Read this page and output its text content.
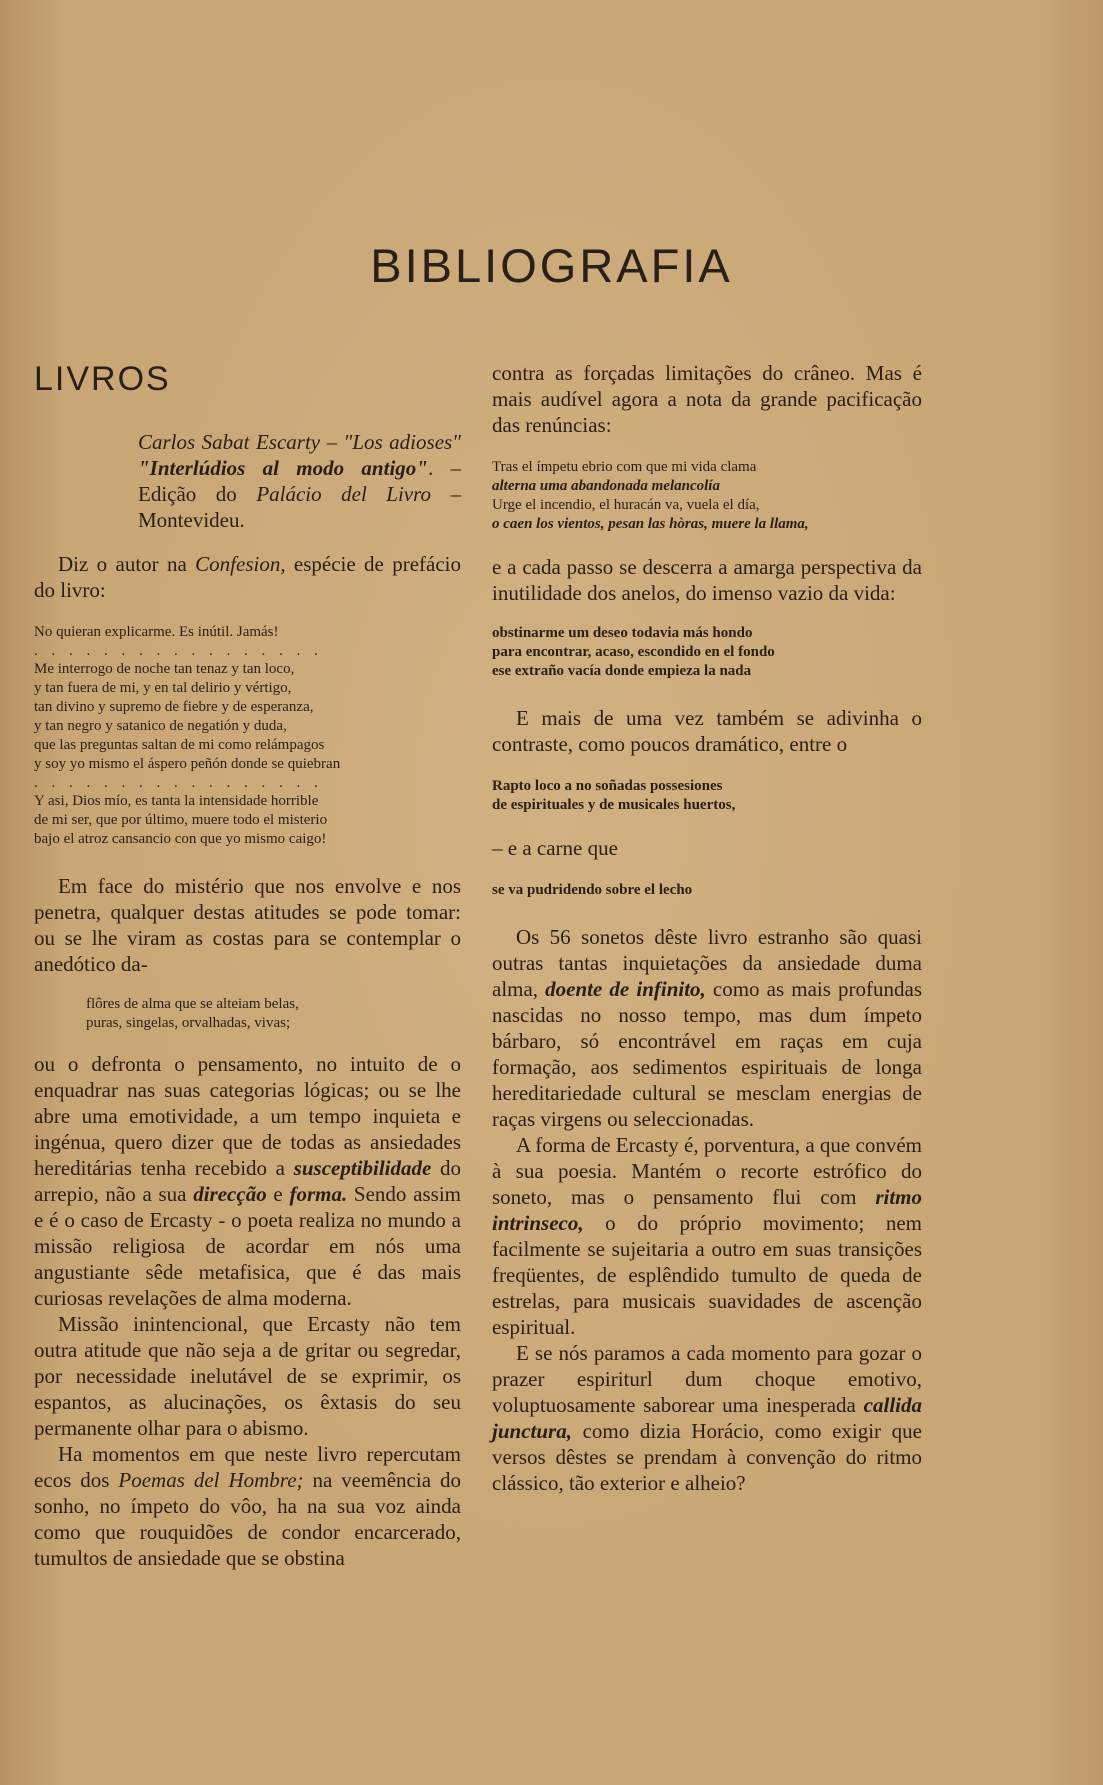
BIBLIOGRAFIA
LIVROS

Carlos Sabat Escarty – "Los adioses" "Interlúdios al modo antigo". – Edição do Palácio del Livro – Montevideu.

Diz o autor na Confesion, espécie de prefácio do livro:

No quieran explicarme. Es inútil. Jamás!

. . . . . . . . . . . . . . . . .

Me interrogo de noche tan tenaz y tan loco,

y tan fuera de mi, y en tal delirio y vértigo,

tan divino y supremo de fiebre y de esperanza,

y tan negro y satanico de negatión y duda,

que las preguntas saltan de mi como relámpagos

y soy yo mismo el áspero peñón donde se quiebran

. . . . . . . . . . . . . . . . .

Y asi, Dios mío, es tanta la intensidade horrible

de mi ser, que por último, muere todo el misterio

bajo el atroz cansancio con que yo mismo caigo!

Em face do mistério que nos envolve e nos penetra, qualquer destas atitudes se pode tomar: ou se lhe viram as costas para se contemplar o anedótico da-

flôres de alma que se alteiam belas,

puras, singelas, orvalhadas, vivas;

ou o defronta o pensamento, no intuito de o enquadrar nas suas categorias lógicas; ou se lhe abre uma emotividade, a um tempo inquieta e ingénua, quero dizer que de todas as ansiedades hereditárias tenha recebido a susceptibilidade do arrepio, não a sua direcção e forma. Sendo assim e é o caso de Ercasty - o poeta realiza no mundo a missão religiosa de acordar em nós uma angustiante sêde metafisica, que é das mais curiosas revelações de alma moderna.

Missão inintencional, que Ercasty não tem outra atitude que não seja a de gritar ou segredar, por necessidade inelutável de se exprimir, os espantos, as alucinações, os êxtasis do seu permanente olhar para o abismo.

Ha momentos em que neste livro repercutam ecos dos Poemas del Hombre; na veemência do sonho, no ímpeto do vôo, ha na sua voz ainda como que rouquidões de condor encarcerado, tumultos de ansiedade que se obstina

contra as forçadas limitações do crâneo. Mas é mais audível agora a nota da grande pacificação das renúncias:

Tras el ímpetu ebrio com que mi vida clama

alterna uma abandonada melancolía

Urge el incendio, el huracán va, vuela el día,

o caen los vientos, pesan las hòras, muere la llama,

e a cada passo se descerra a amarga perspectiva da inutilidade dos anelos, do imenso vazio da vida:

obstinarme um deseo todavia más hondo

para encontrar, acaso, escondido en el fondo

ese extraño vacía donde empieza la nada

E mais de uma vez também se adivinha o contraste, como poucos dramático, entre o

Rapto loco a no soñadas possesiones

de espirituales y de musicales huertos,

– e a carne que

se va pudridendo sobre el lecho

Os 56 sonetos dêste livro estranho são quasi outras tantas inquietações da ansiedade duma alma, doente de infinito, como as mais profundas nascidas no nosso tempo, mas dum ímpeto bárbaro, só encontrável em raças em cuja formação, aos sedimentos espirituais de longa hereditariedade cultural se mesclam energias de raças virgens ou seleccionadas.

A forma de Ercasty é, porventura, a que convém à sua poesia. Mantém o recorte estrófico do soneto, mas o pensamento flui com ritmo intrinseco, o do próprio movimento; nem facilmente se sujeitaria a outro em suas transições freqüentes, de esplêndido tumulto de queda de estrelas, para musicais suavidades de ascenção espiritual.

E se nós paramos a cada momento para gozar o prazer espiriturl dum choque emotivo, voluptuosamente saborear uma inesperada callida junctura, como dizia Horácio, como exigir que versos dêstes se prendam à convenção do ritmo clássico, tão exterior e alheio?
